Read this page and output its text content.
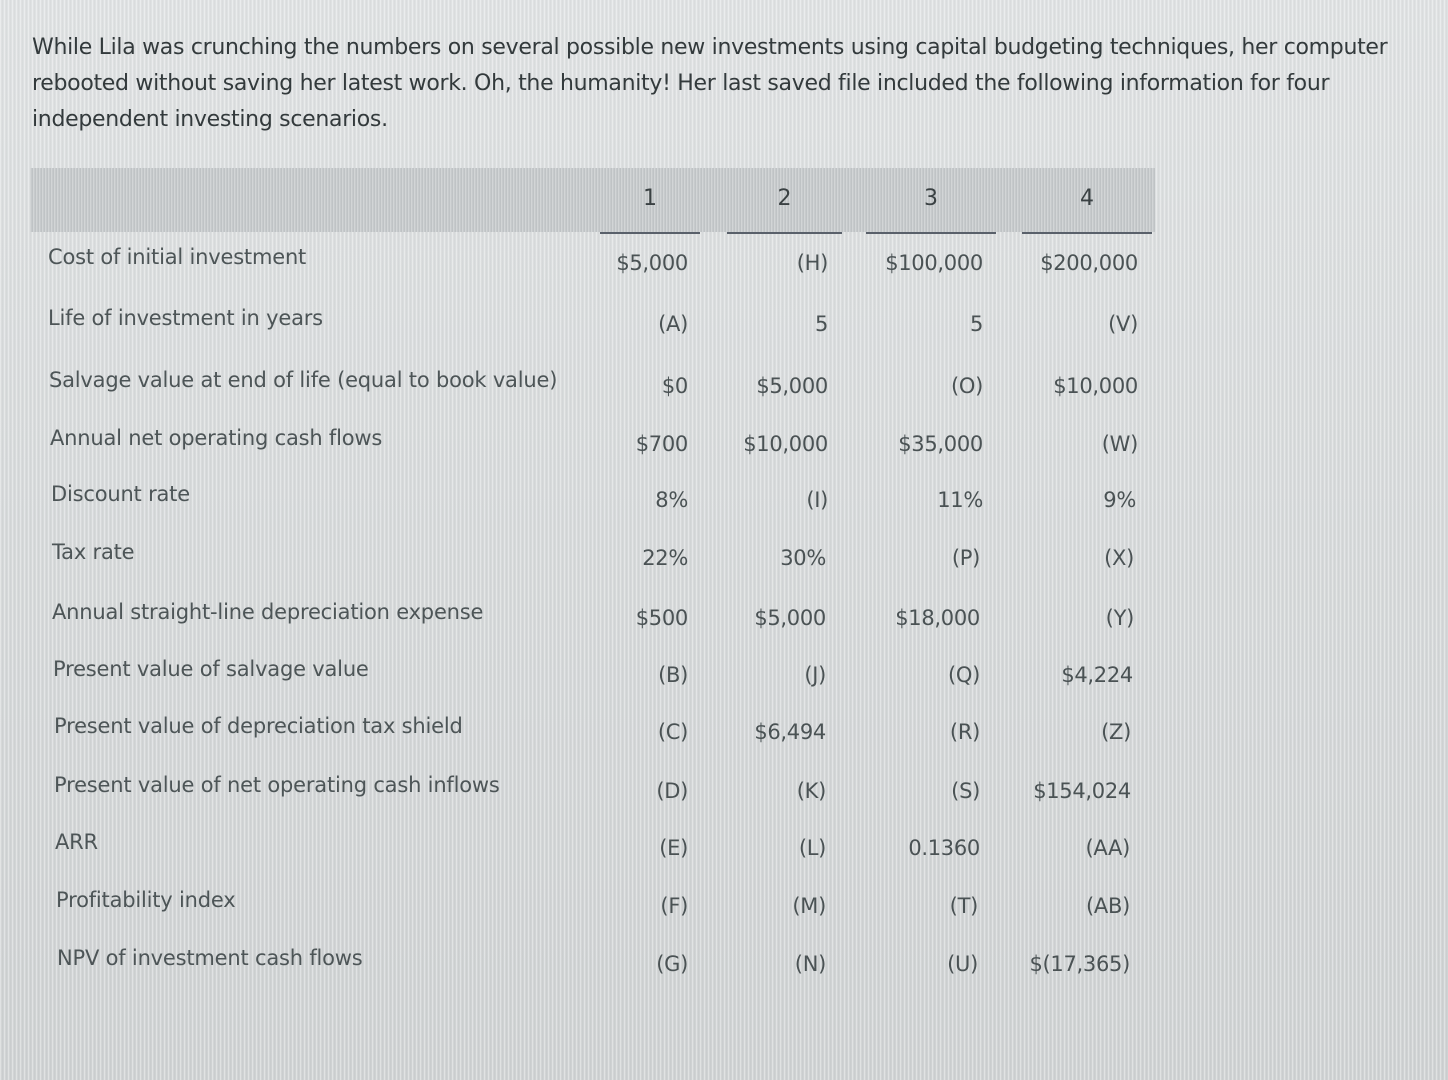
While Lila was crunching the numbers on several possible new investments using capital budgeting techniques, her computer
rebooted without saving her latest work. Oh, the humanity! Her last saved file included the following information for four
independent investing scenarios.
1	2	3	4
Cost of initial investment	$5,000	(H)	$100,000	$200,000
Life of investment in years	(A)	5	5	(V)
Salvage value at end of life (equal to book value)	$0	$5,000	(O)	$10,000
Annual net operating cash flows	$700	$10,000	$35,000	(W)
Discount rate	8%	(I)	11%	9%
Tax rate	22%	30%	(P)	(X)
Annual straight-line depreciation expense	$500	$5,000	$18,000	(Y)
Present value of salvage value	(B)	(J)	(Q)	$4,224
Present value of depreciation tax shield	(C)	$6,494	(R)	(Z)
Present value of net operating cash inflows	(D)	(K)	(S)	$154,024
ARR	(E)	(L)	0.1360	(AA)
Profitability index	(F)	(M)	(T)	(AB)
NPV of investment cash flows	(G)	(N)	(U) $(17,365)
